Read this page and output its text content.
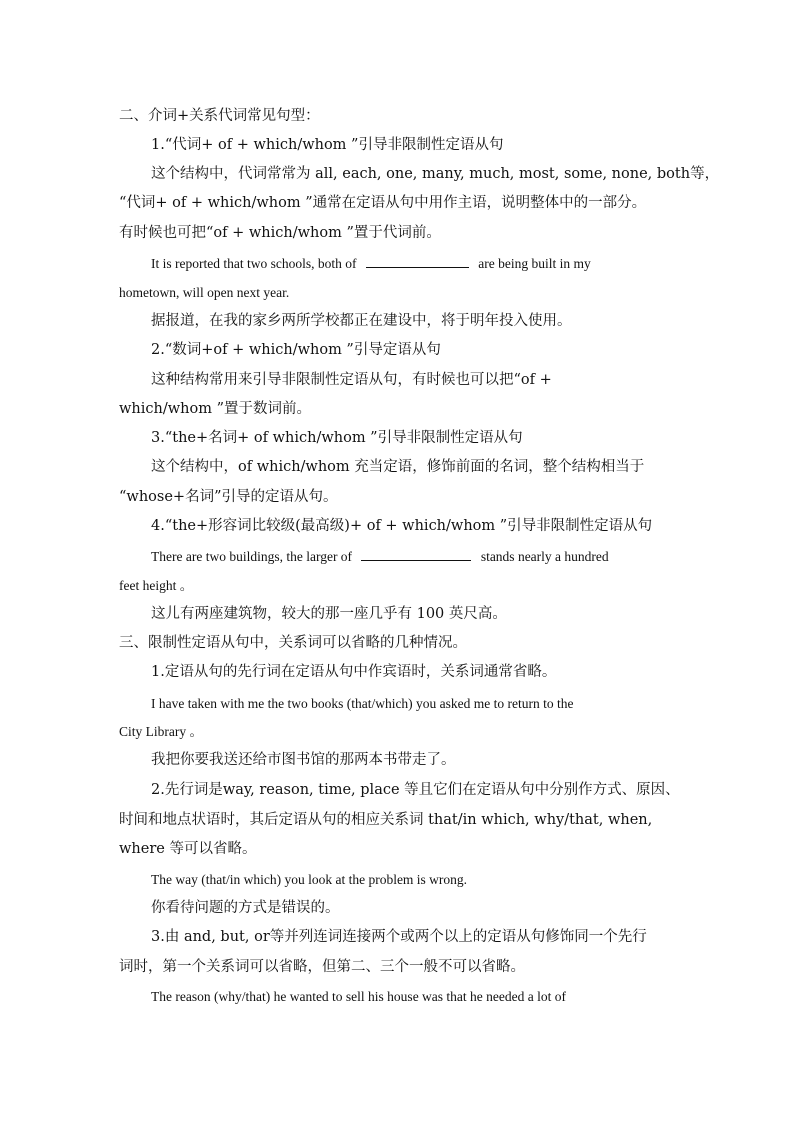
二、介词+关系代词常见句型：
1.“代词+ of + which/whom ”引导非限制性定语从句
这个结构中，代词常常为 all, each, one, many, much, most, some, none, both等，
“代词+ of + which/whom ”通常在定语从句中用作主语，说明整体中的一部分。
有时候也可把“of + which/whom ”置于代词前。
It is reported that two schools, both of	are being built in my
hometown, will open next year.
据报道，在我的家乡两所学校都正在建设中，将于明年投入使用。
2.“数词+of + which/whom ”引导定语从句
这种结构常用来引导非限制性定语从句，有时候也可以把“of +
which/whom ”置于数词前。
3.“the+名词+ of which/whom ”引导非限制性定语从句
这个结构中，of which/whom 充当定语，修饰前面的名词，整个结构相当于
“whose+名词”引导的定语从句。
4.“the+形容词比较级(最高级)+ of + which/whom ”引导非限制性定语从句
There are two buildings, the larger of	stands nearly a hundred
feet height 。
这儿有两座建筑物，较大的那一座几乎有 100 英尺高。
三、限制性定语从句中，关系词可以省略的几种情况。
1.定语从句的先行词在定语从句中作宾语时，关系词通常省略。
I have taken with me the two books (that/which) you asked me to return to the
City Library 。
我把你要我送还给市图书馆的那两本书带走了。
2.先行词是way, reason, time, place 等且它们在定语从句中分别作方式、原因、
时间和地点状语时，其后定语从句的相应关系词 that/in which, why/that, when,
where 等可以省略。
The way (that/in which) you look at the problem is wrong.
你看待问题的方式是错误的。
3.由 and, but, or等并列连词连接两个或两个以上的定语从句修饰同一个先行
词时，第一个关系词可以省略，但第二、三个一般不可以省略。
The reason (why/that) he wanted to sell his house was that he needed a lot of
